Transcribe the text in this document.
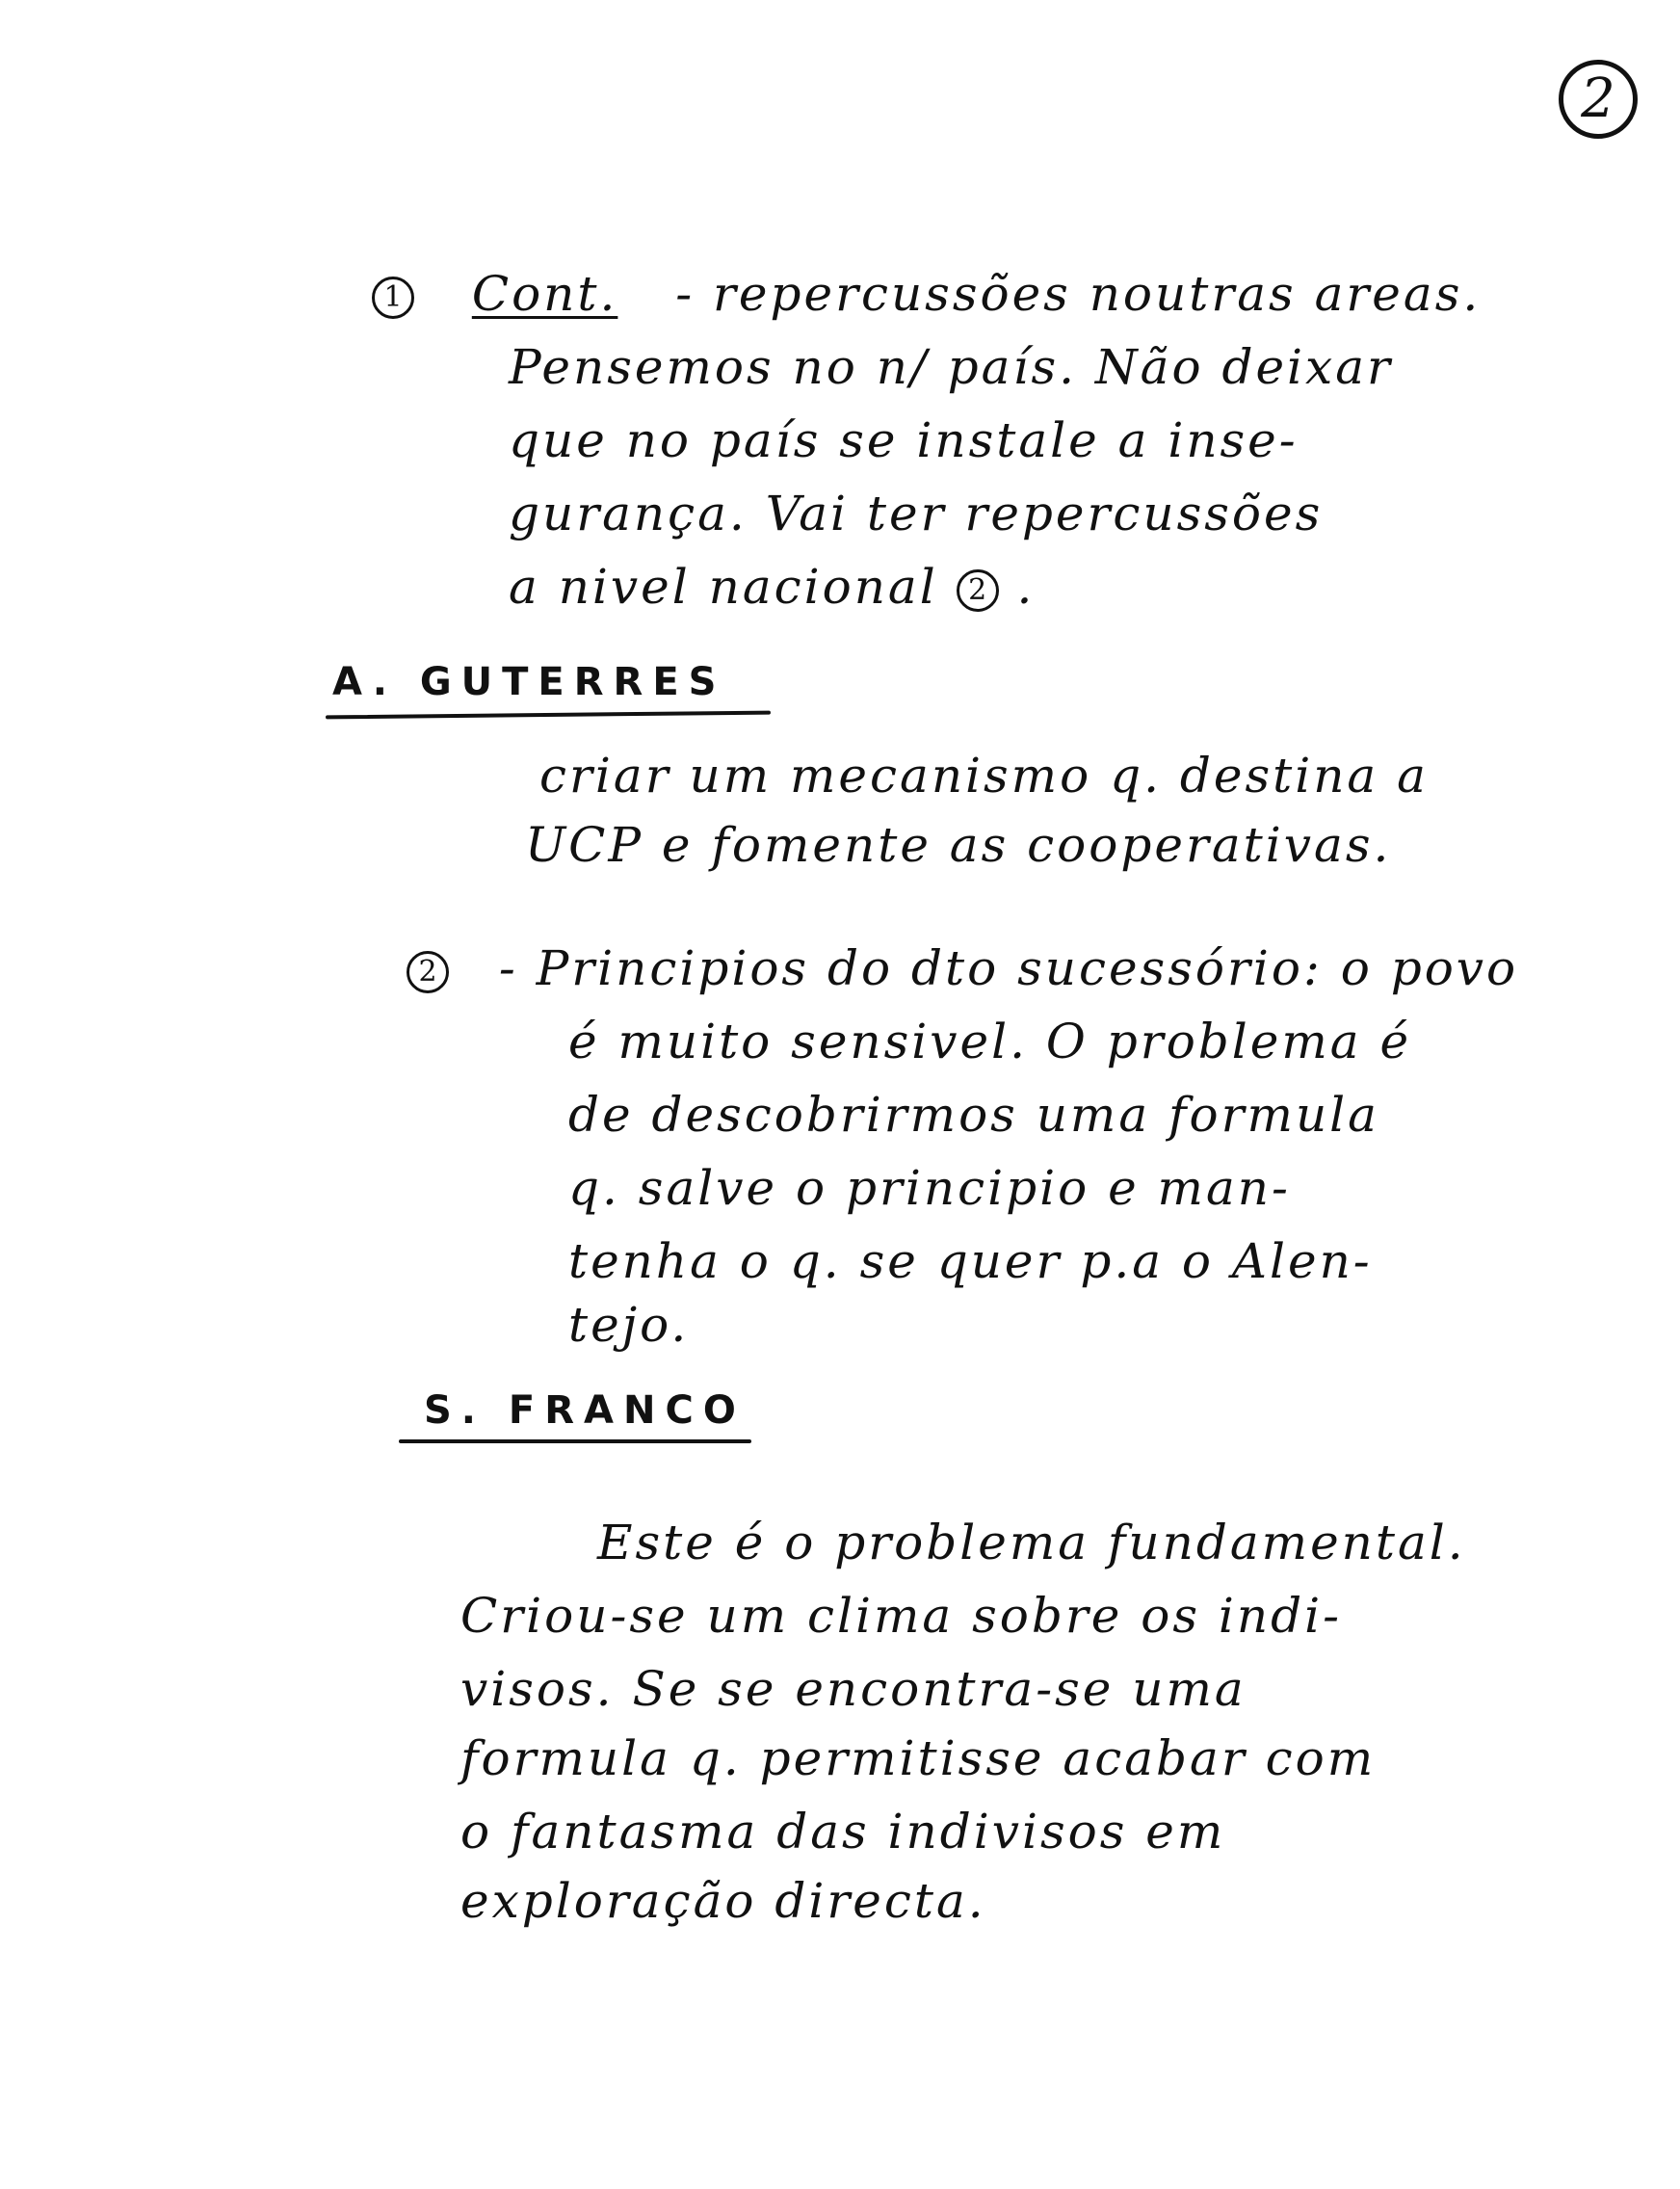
2
1 Cont. - repercussões noutras areas.
Pensemos no n/ país. Não deixar
que no país se instale a inse-
gurança. Vai ter repercussões
a nivel nacional 2 .
A. GUTERRES
criar um mecanismo q. destina a
UCP e fomente as cooperativas.
2 - Principios do dto sucessório: o povo
é muito sensivel. O problema é
de descobrirmos uma formula
q. salve o principio e man-
tenha o q. se quer p.a o Alen-
tejo.
S. FRANCO
Este é o problema fundamental.
Criou-se um clima sobre os indi-
visos. Se se encontra-se uma
formula q. permitisse acabar com
o fantasma das indivisos em
exploração directa.
